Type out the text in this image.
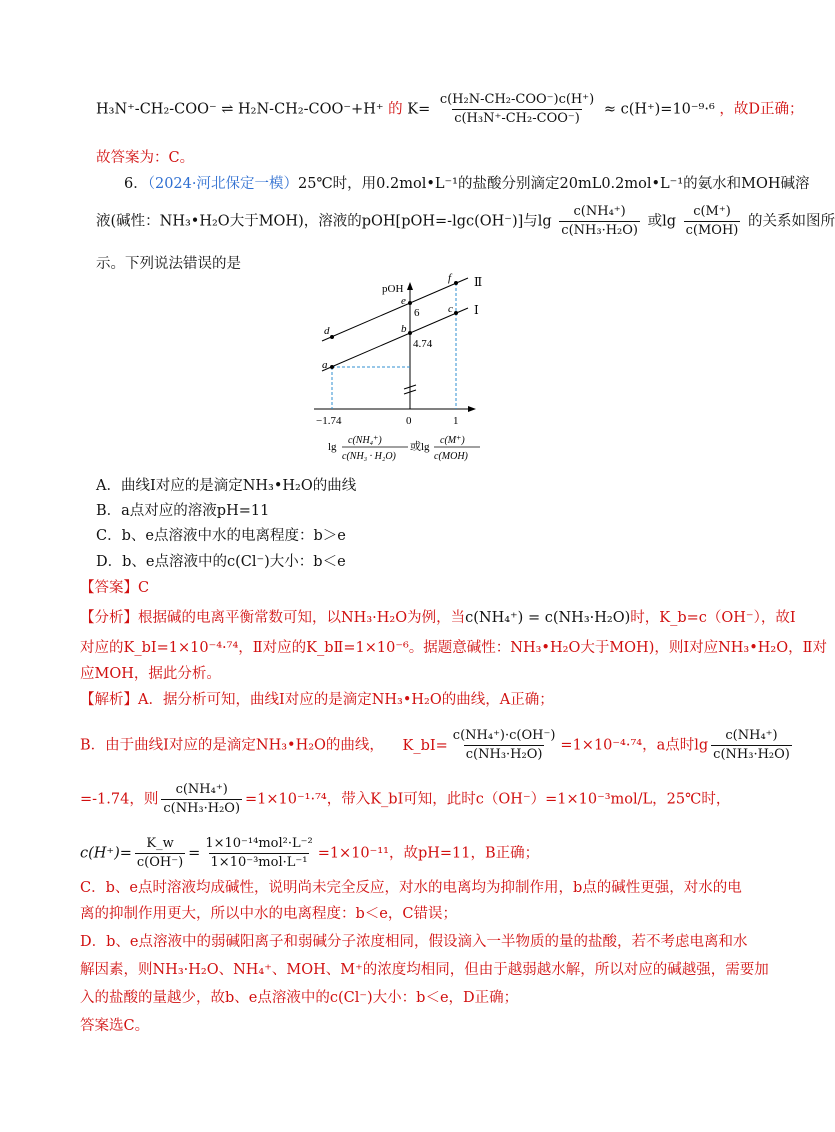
H₃N⁺-CH₂-COO⁻ ⇌ H₂N-CH₂-COO⁻+H⁺ 的 $K= \frac{\text{c(H₂N-CH₂-COO⁻)c(H⁺)}}{\text{c(H₃N⁺-CH₂-COO⁻)}} \approx c(H^+)=10^{-9}\cdot^6$ ，故D正确；
故答案为：C。
6．（2024·河北保定一模）25℃时，用0.2mol•L⁻¹的盐酸分别滴定20mL0.2mol•L⁻¹的氨水和MOH碱溶
液(碱性：NH₃•H₂O大于MOH)，溶液的pOH[pOH=-lgc(OH⁻)]与$\lg \frac{\text{c(NH₄⁺)}}{\text{c(NH₃·H₂O)}}$ 或$\lg \frac{c(M^+)}{\text{c(MOH)}}$ 的关系如图所
示。下列说法错误的是
pOH
6
4.74
−1.74	0	1
Ⅱ
Ⅰ
d
a
e
b
f
c
lg
c(NH₄⁺)
c(NH₃ · H₂O)
或lg
c(M⁺)
c(MOH)
A．曲线Ⅰ对应的是滴定NH₃•H₂O的曲线
B．a点对应的溶液pH=11
C．b、e点溶液中水的电离程度：b＞e
D．b、e点溶液中的c(Cl⁻)大小：b＜e
【答案】C
【分析】根据碱的电离平衡常数可知，以NH₃·H₂O为例，当c(NH₄⁺) = c(NH₃·H₂O)时，K_b=c（OH⁻），故Ⅰ
对应的K_bⅠ=1×10⁻⁴·⁷⁴，Ⅱ对应的K_bⅡ=1×10⁻⁶。据题意碱性：NH₃•H₂O大于MOH)，则Ⅰ对应NH₃•H₂O，Ⅱ对
应MOH，据此分析。
【解析】A．据分析可知，曲线Ⅰ对应的是滴定NH₃•H₂O的曲线，A正确；
B．由于曲线Ⅰ对应的是滴定NH₃•H₂O的曲线， K_bⅠ= $\frac{\text{c(NH₄⁺)·c(OH⁻)}}{\text{c(NH₃·H₂O)}} =1\times 10^{-4}\cdot^{74}$，a点时$\lg \frac{\text{c(NH₄⁺)}}{\text{c(NH₃·H₂O)}}$
=-1.74，则 $\frac{\text{c(NH₄⁺)}}{\text{c(NH₃·H₂O)}} =1\times 10^{-1}\cdot^{74}$，带入K_bⅠ可知，此时c（OH⁻）=1×10⁻³mol/L，25℃时，
$c(H^+)= \frac{K\_w}{c(OH^-)} = \frac{\text{1×10⁻¹⁴mol²·L⁻²}}{\text{1×10⁻³mol·L⁻¹}} =1\times 10^{-11}$，故pH=11，B正确；
C．b、e点时溶液均成碱性，说明尚未完全反应，对水的电离均为抑制作用，b点的碱性更强，对水的电
离的抑制作用更大，所以中水的电离程度：b＜e，C错误；
D．b、e点溶液中的弱碱阳离子和弱碱分子浓度相同，假设滴入一半物质的量的盐酸，若不考虑电离和水
解因素，则NH₃·H₂O、NH₄⁺、MOH、M⁺的浓度均相同，但由于越弱越水解，所以对应的碱越强，需要加
入的盐酸的量越少，故b、e点溶液中的c(Cl⁻)大小：b＜e，D正确；
答案选C。
